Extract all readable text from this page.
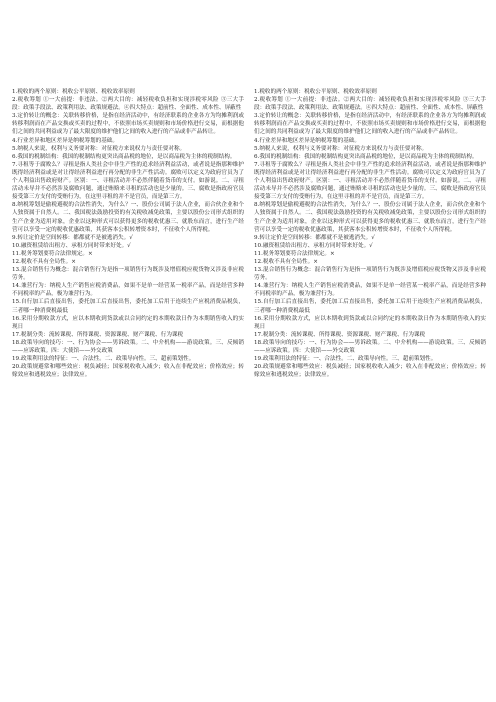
1.税收的两个原则：税收公平原则、税收效率原则

2.税收筹划 ①一大前提：非违法。②两大目的：减轻税收负担和实现涉税零风险 ③三大手段：政策手段法、政策利用法、政策规避法。④四大特点：超前性、全面性、成本性、屏蔽性

3.定价转让的概念：关联转移价格，是指在经济活动中，有经济联系的企业各方为均摊利润或转移利润而在产品交换或买卖的过程中，不依照市场买卖规则和市场价格进行交易，而根据他们之间的共同利益或为了最大限度的维护他们之间的收入进行的产品或非产品转让。

4.行业差异和地区差异是纳税筹划的基础。

5.纳税人来说，权利与义务要对称：对征税方来说权力与责任要对称。

6.我国的税制结构：我国的税制结构更突出商品税的地位，是以商品税为主体的税制结构。

7.寻租等于腐败么？寻租是指人类社会中非生产性的追求经济利益活动，或者说是指那种维护既得经济利益或是对让得经济利益进行再分配的非生产性活动。腐败可以定义为政府官员为了个人利益出售政府财产。区别：一、寻租活动并不必然伴随着货币的支付。如游说。二、寻租活动未导并不必然涉及腐败问题，通过贿赂来寻租的活动也是少量的。三、腐败是指政府官员接受第三方支付的受贿行为，在这里寻租的并不是官员，而是第三方。

8.纳税筹划是偷税避税的合法性消失，为什么？一、股份公司属于法人企业，而合伙企业和个人独资属于自然人。二、我国税法鼓励投资的有关税收减免政策，主要以股份公司形式组织的生产企业为适用对象，企业以这种形式可以获得更多的税收优惠三、就股东而言，进行生产经营可以享受一定的税收优惠政策，其获客本公积转增资本时，不征收个人所得税。

9.转让定价是空间转移：都都就不是被逃消失。√

10.融资租赁给出租方、承租方同时带来好处。√

11.税务筹划要符合法律规定。×

12.税收不具有全局性。×

13.混合销售行为概念：混合销售行为是指一项销售行为既涉及增值税应税货物又涉及非应税劳务。

14.兼营行为：纳税人生产销售应税消费品，如果不是单一经营某一税率产品，而是经营多种不同税率的产品，极为兼营行为。

15.自行加工后直接出售，委托加工后直接出售，委托加工后用于连续生产应税消费品税负，三者哪一种消费税最低

16.采用分期收款方式，应以本期收到货款或以合同约定的本期收款日作为本期销售收入的实现日

17.税制分类：流转课税、所得课税、资源课税、财产课税、行为课税

18.政策导向的技巧：一、行为协会——男诉政策。二、中介机构——游说政策。三、反倾销——应诉政策。四：大使馆——外交政策

19.政策利用法的特征：一、合法性。二、政策导向性。三、超前策划性。

20.政策规避常和哪些效应：税负减轻；国家税收收入减少；收入在非配效应；价格效应；转嫁效应和逃税效应；法律效应。

1.税收的两个原则：税收公平原则、税收效率原则

2.税收筹划 ①一大前提：非违法。②两大目的：减轻税收负担和实现涉税零风险 ③三大手段：政策手段法、政策利用法、政策规避法。④四大特点：超前性、全面性、成本性、屏蔽性

3.定价转让的概念：关联转移价格，是指在经济活动中，有经济联系的企业各方为均摊利润或转移利润而在产品交换或买卖的过程中，不依照市场买卖规则和市场价格进行交易，而根据他们之间的共同利益或为了最大限度的维护他们之间的收入进行的产品或非产品转让。

4.行业差异和地区差异是纳税筹划的基础。

5.纳税人来说，权利与义务要对称：对征税方来说权力与责任要对称。

6.我国的税制结构：我国的税制结构更突出商品税的地位，是以商品税为主体的税制结构。

7.寻租等于腐败么？寻租是指人类社会中非生产性的追求经济利益活动，或者说是指那种维护既得经济利益或是对让得经济利益进行再分配的非生产性活动。腐败可以定义为政府官员为了个人利益出售政府财产。区别：一、寻租活动并不必然伴随着货币的支付。如游说。二、寻租活动未导并不必然涉及腐败问题，通过贿赂来寻租的活动也是少量的。三、腐败是指政府官员接受第三方支付的受贿行为，在这里寻租的并不是官员，而是第三方。

8.纳税筹划是偷税避税的合法性消失，为什么？一、股份公司属于法人企业，而合伙企业和个人独资属于自然人。二、我国税法鼓励投资的有关税收减免政策，主要以股份公司形式组织的生产企业为适用对象，企业以这种形式可以获得更多的税收优惠三、就股东而言，进行生产经营可以享受一定的税收优惠政策，其获客本公积转增资本时，不征收个人所得税。

9.转让定价是空间转移：都都就不是被逃消失。√

10.融资租赁给出租方、承租方同时带来好处。√

11.税务筹划要符合法律规定。×

12.税收不具有全局性。×

13.混合销售行为概念：混合销售行为是指一项销售行为既涉及增值税应税货物又涉及非应税劳务。

14.兼营行为：纳税人生产销售应税消费品，如果不是单一经营某一税率产品，而是经营多种不同税率的产品，极为兼营行为。

15.自行加工后直接出售，委托加工后直接出售，委托加工后用于连续生产应税消费品税负，三者哪一种消费税最低

16.采用分期收款方式，应以本期收到货款或以合同约定的本期收款日作为本期销售收入的实现日

17.税制分类：流转课税、所得课税、资源课税、财产课税、行为课税

18.政策导向的技巧：一、行为协会——男诉政策。二、中介机构——游说政策。三、反倾销——应诉政策。四：大使馆——外交政策

19.政策利用法的特征：一、合法性。二、政策导向性。三、超前策划性。

20.政策规避常和哪些效应：税负减轻；国家税收收入减少；收入在非配效应；价格效应；转嫁效应和逃税效应；法律效应。
